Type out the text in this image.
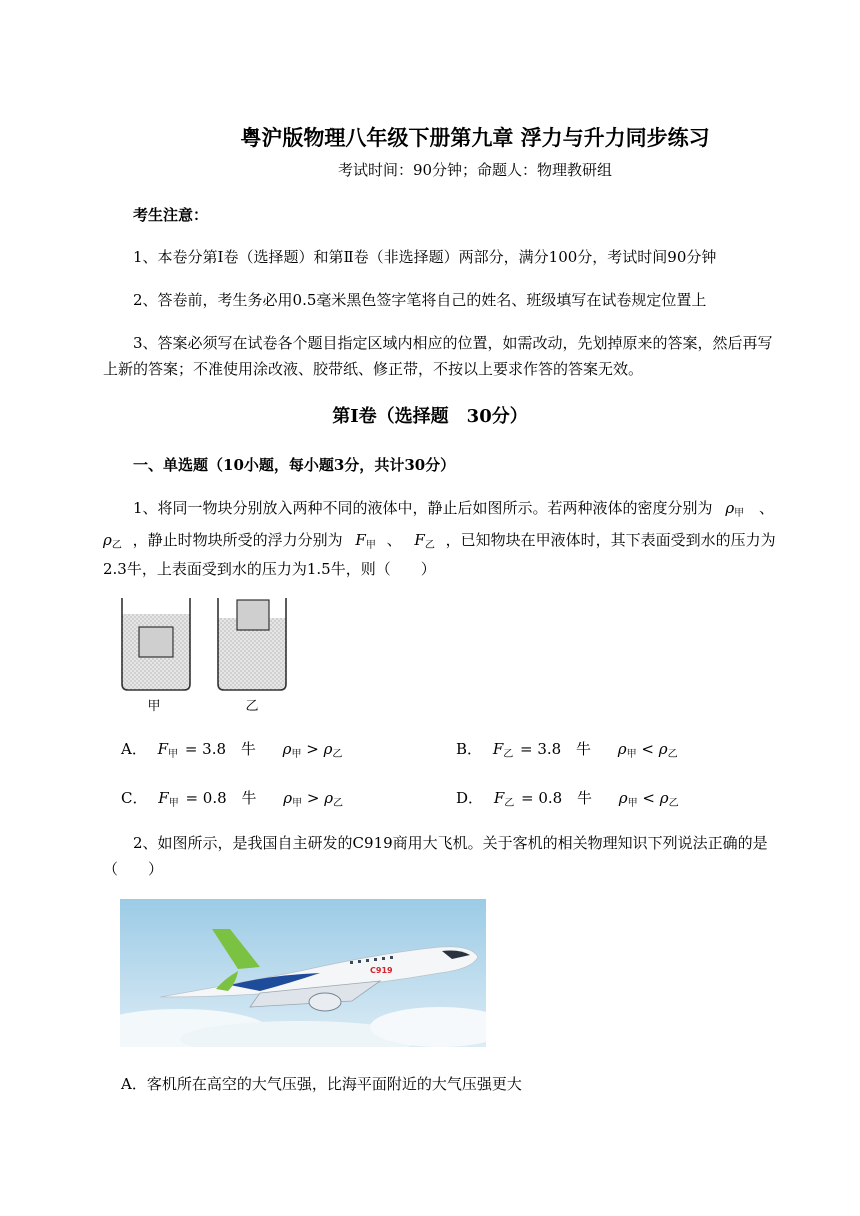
粤沪版物理八年级下册第九章 浮力与升力同步练习
考试时间：90分钟；命题人：物理教研组
考生注意：
1、本卷分第Ⅰ卷（选择题）和第Ⅱ卷（非选择题）两部分，满分100分，考试时间90分钟
2、答卷前，考生务必用0.5毫米黑色签字笔将自己的姓名、班级填写在试卷规定位置上
3、答案必须写在试卷各个题目指定区域内相应的位置，如需改动，先划掉原来的答案，然后再写
上新的答案；不准使用涂改液、胶带纸、修正带，不按以上要求作答的答案无效。
第Ⅰ卷（选择题　30分）
一、单选题（10小题，每小题3分，共计30分）
1、将同一物块分别放入两种不同的液体中，静止后如图所示。若两种液体的密度分别为 $\rho_甲$ 、
$\rho_乙$ ，静止时物块所受的浮力分别为 $F_甲$ 、 $F_乙$ ，已知物块在甲液体时，其下表面受到水的压力为
2.3牛，上表面受到水的压力为1.5牛，则（　　）
甲	乙
A． $F_甲 = 3.8$ 牛 $\rho_甲 > \rho_乙$	B． $F_乙 = 3.8$ 牛 $\rho_甲 < \rho_乙$
C． $F_甲 = 0.8$ 牛 $\rho_甲 > \rho_乙$	D． $F_乙 = 0.8$ 牛 $\rho_甲 < \rho_乙$
2、如图所示，是我国自主研发的C919商用大飞机。关于客机的相关物理知识下列说法正确的是
（　　）
C919
A．客机所在高空的大气压强，比海平面附近的大气压强更大
